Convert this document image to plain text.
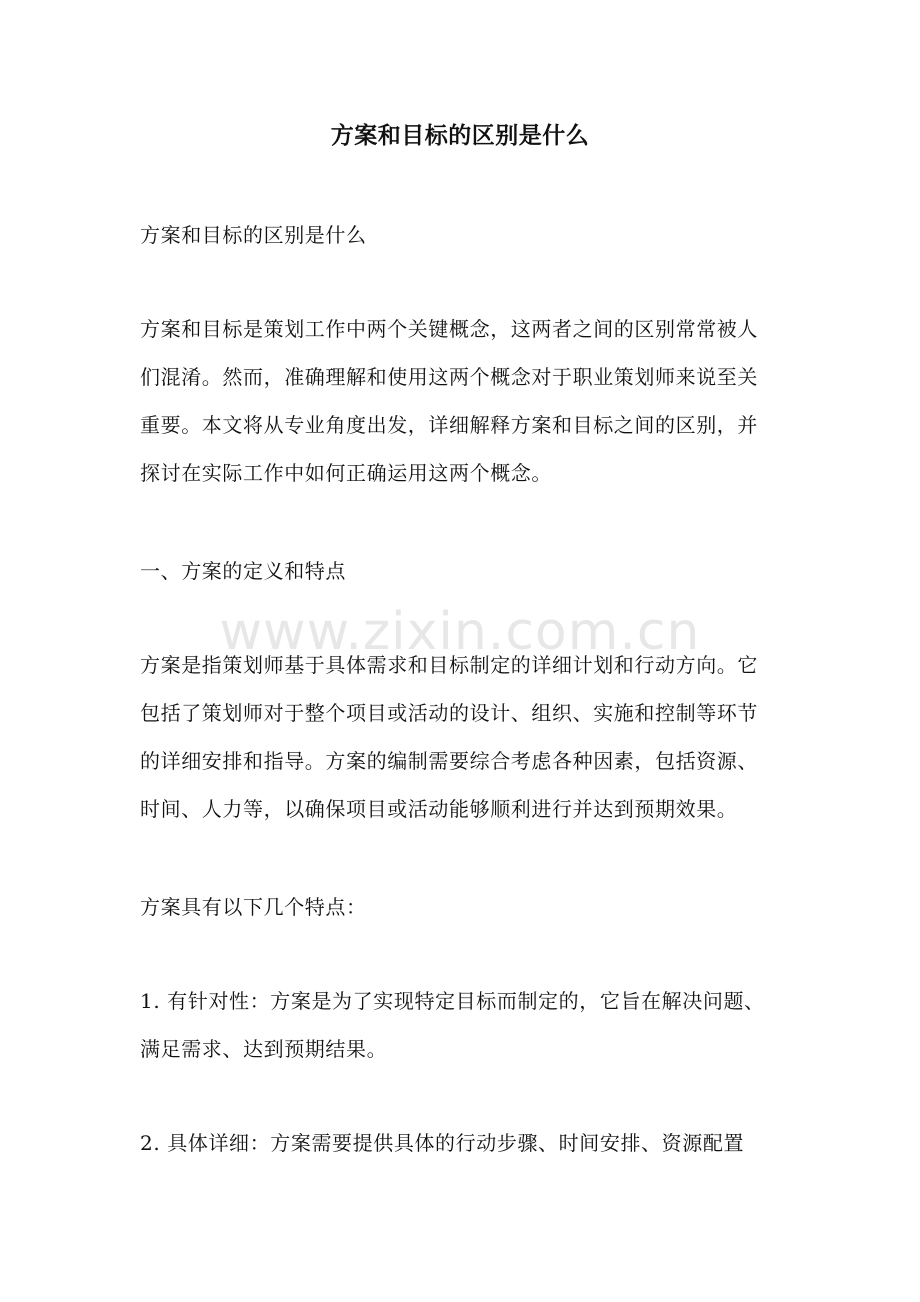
方案和目标的区别是什么

方案和目标的区别是什么

方案和目标是策划工作中两个关键概念，这两者之间的区别常常被人
们混淆。然而，准确理解和使用这两个概念对于职业策划师来说至关
重要。本文将从专业角度出发，详细解释方案和目标之间的区别，并
探讨在实际工作中如何正确运用这两个概念。

一、方案的定义和特点

方案是指策划师基于具体需求和目标制定的详细计划和行动方向。它
包括了策划师对于整个项目或活动的设计、组织、实施和控制等环节
的详细安排和指导。方案的编制需要综合考虑各种因素，包括资源、
时间、人力等，以确保项目或活动能够顺利进行并达到预期效果。

方案具有以下几个特点：

1. 有针对性：方案是为了实现特定目标而制定的，它旨在解决问题、
满足需求、达到预期结果。

2. 具体详细：方案需要提供具体的行动步骤、时间安排、资源配置

www.zixin.com.cn
